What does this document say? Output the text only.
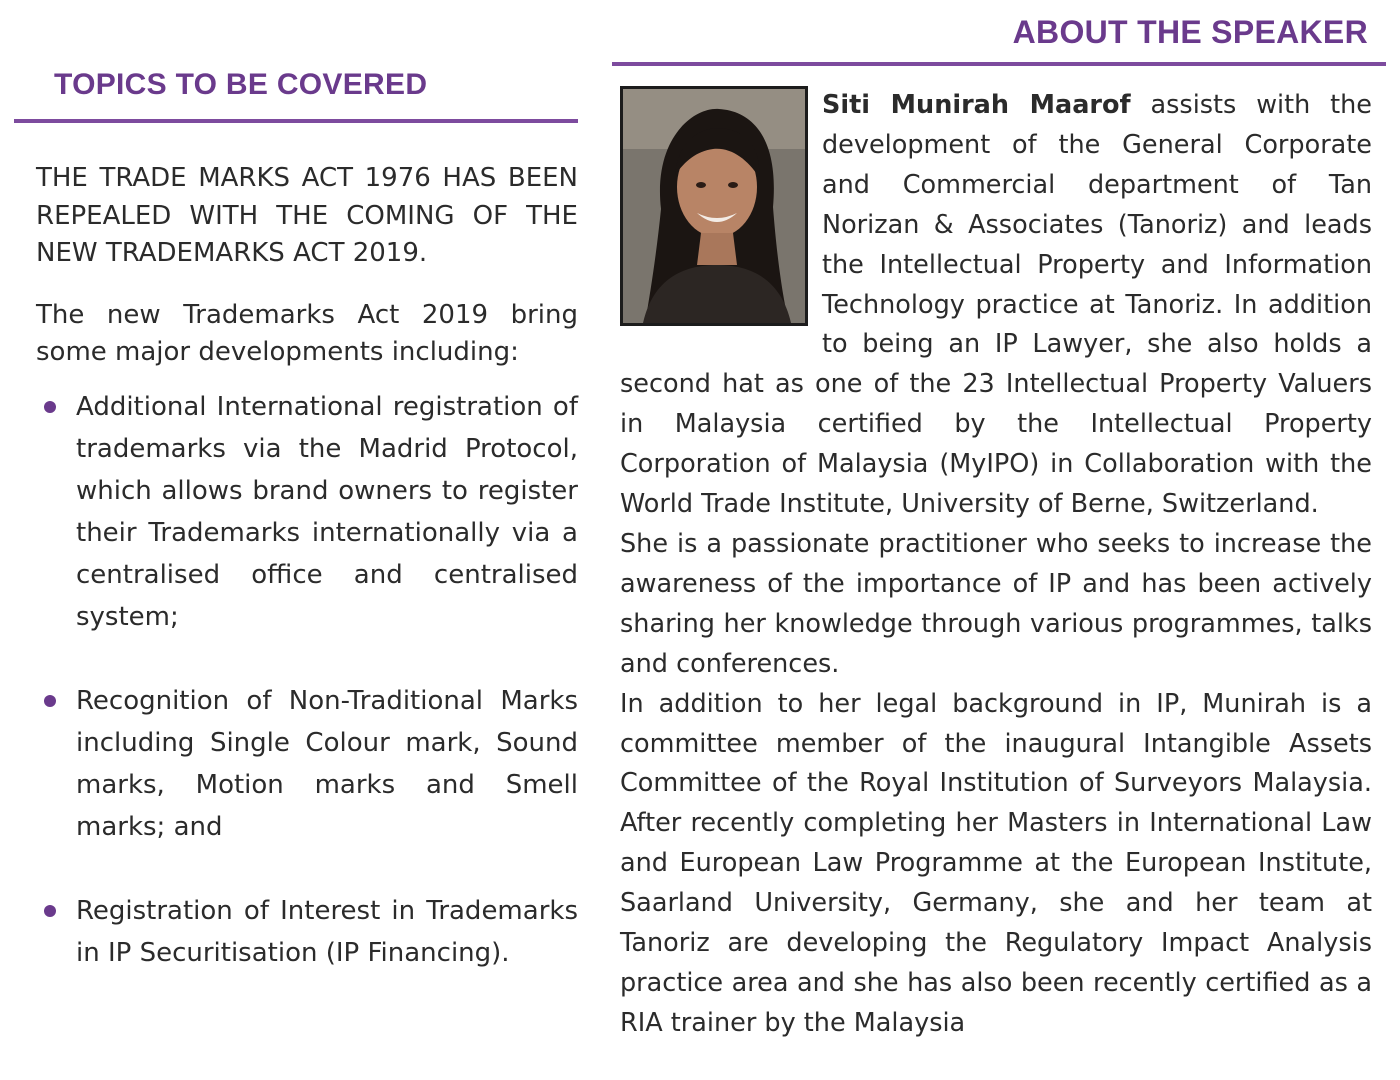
ABOUT THE SPEAKER
TOPICS TO BE COVERED

THE TRADE MARKS ACT 1976 HAS BEEN REPEALED WITH THE COMING OF THE NEW TRADEMARKS ACT 2019.

The new Trademarks Act 2019 bring some major developments including:

Additional International registration of trademarks via the Madrid Protocol, which allows brand owners to register their Trademarks internationally via a centralised office and centralised system;
Recognition of Non-Traditional Marks including Single Colour mark, Sound marks, Motion marks and Smell marks; and
Registration of Interest in Trademarks in IP Securitisation (IP Financing).

Siti Munirah Maarof assists with the development of the General Corporate and Commercial department of Tan Norizan & Associates (Tanoriz) and leads the Intellectual Property and Information Technology practice at Tanoriz. In addition to being an IP Lawyer, she also holds a second hat as one of the 23 Intellectual Property Valuers in Malaysia certified by the Intellectual Property Corporation of Malaysia (MyIPO) in Collaboration with the World Trade Institute, University of Berne, Switzerland.

She is a passionate practitioner who seeks to increase the awareness of the importance of IP and has been actively sharing her knowledge through various programmes, talks and conferences.

In addition to her legal background in IP, Munirah is a committee member of the inaugural Intangible Assets Committee of the Royal Institution of Surveyors Malaysia. After recently completing her Masters in International Law and European Law Programme at the European Institute, Saarland University, Germany, she and her team at Tanoriz are developing the Regulatory Impact Analysis practice area and she has also been recently certified as a RIA trainer by the Malaysia
